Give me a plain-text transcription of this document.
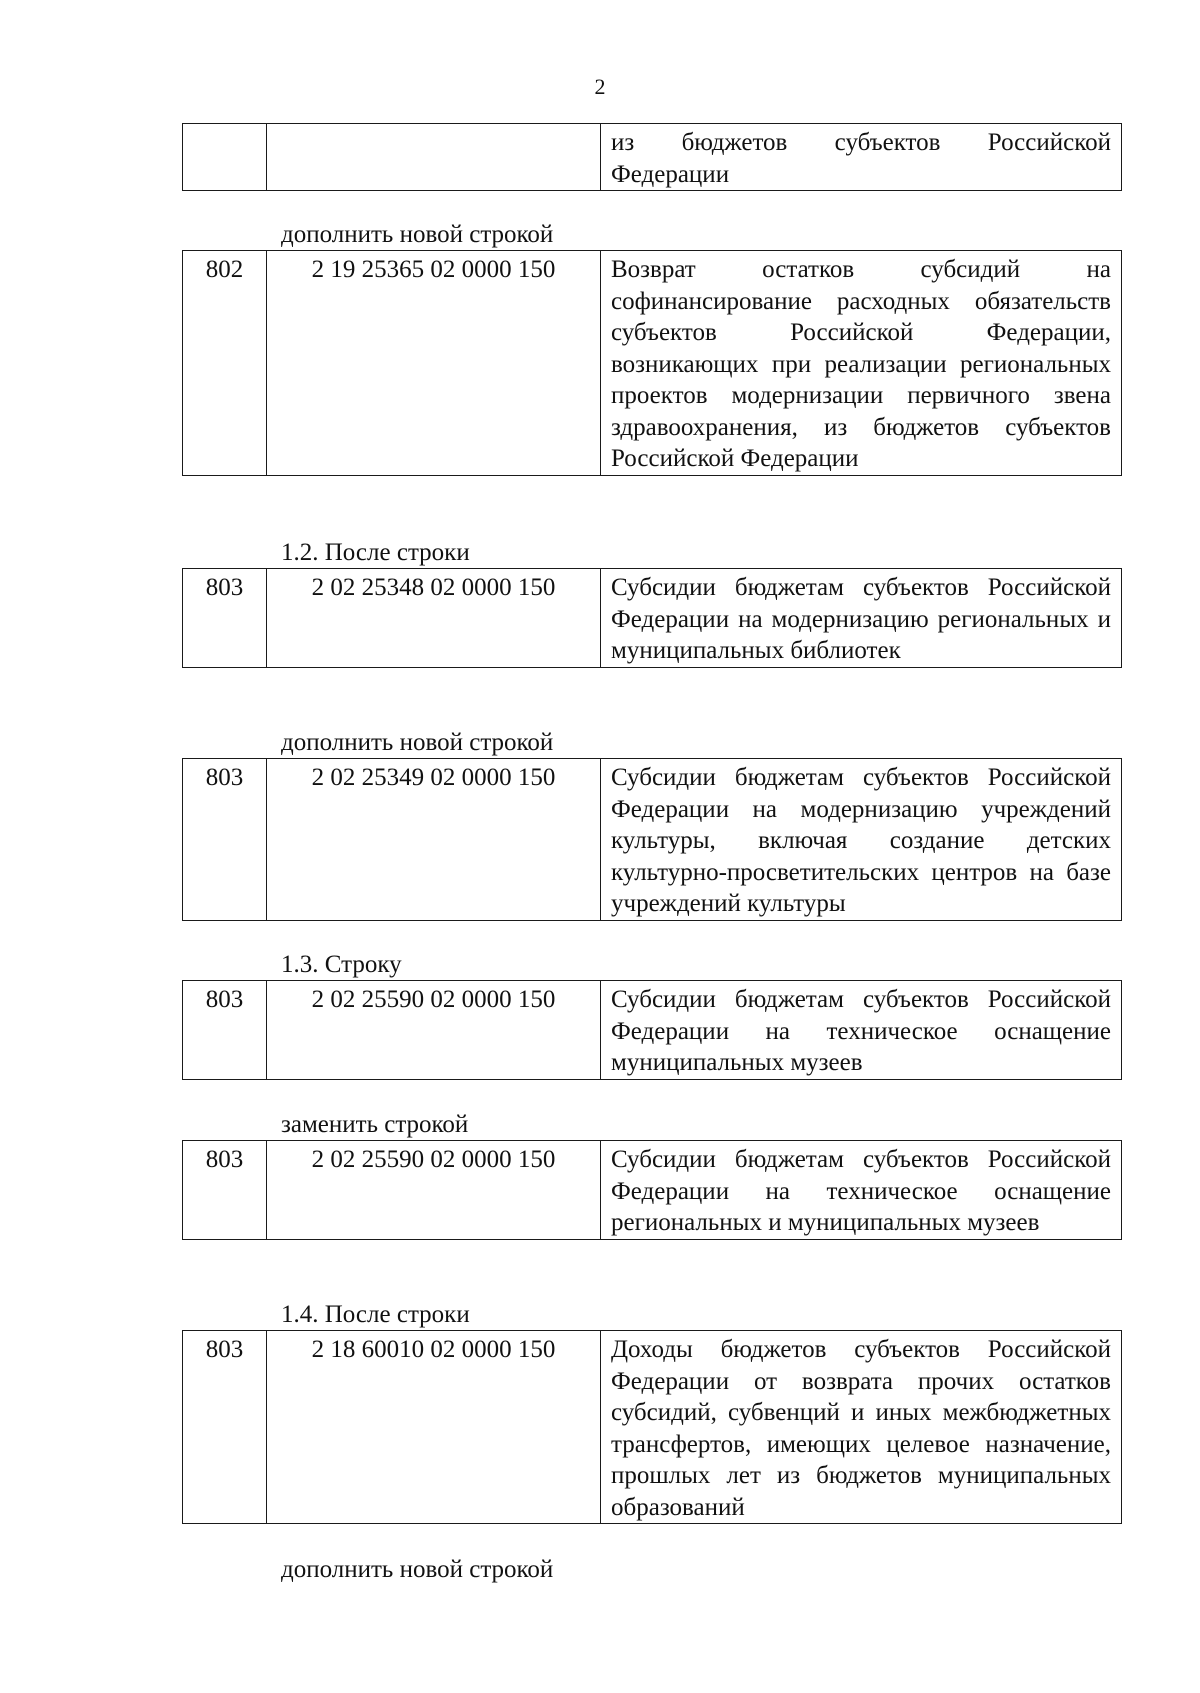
2
		из бюджетов субъектов Российской Федерации
дополнить новой строкой
802	2 19 25365 02 0000 150	Возврат остатков субсидий на софинансирование расходных обязательств субъектов Российской Федерации, возникающих при реализации региональных проектов модернизации первичного звена здравоохранения, из бюджетов субъектов Российской Федерации
1.2. После строки
803	2 02 25348 02 0000 150	Субсидии бюджетам субъектов Российской Федерации на модернизацию региональных и муниципальных библиотек
дополнить новой строкой
803	2 02 25349 02 0000 150	Субсидии бюджетам субъектов Российской Федерации на модернизацию учреждений культуры, включая создание детских культурно-просветительских центров на базе учреждений культуры
1.3. Строку
803	2 02 25590 02 0000 150	Субсидии бюджетам субъектов Российской Федерации на техническое оснащение муниципальных музеев
заменить строкой
803	2 02 25590 02 0000 150	Субсидии бюджетам субъектов Российской Федерации на техническое оснащение региональных и муниципальных музеев
1.4. После строки
803	2 18 60010 02 0000 150	Доходы бюджетов субъектов Российской Федерации от возврата прочих остатков субсидий, субвенций и иных межбюджетных трансфертов, имеющих целевое назначение, прошлых лет из бюджетов муниципальных образований
дополнить новой строкой
